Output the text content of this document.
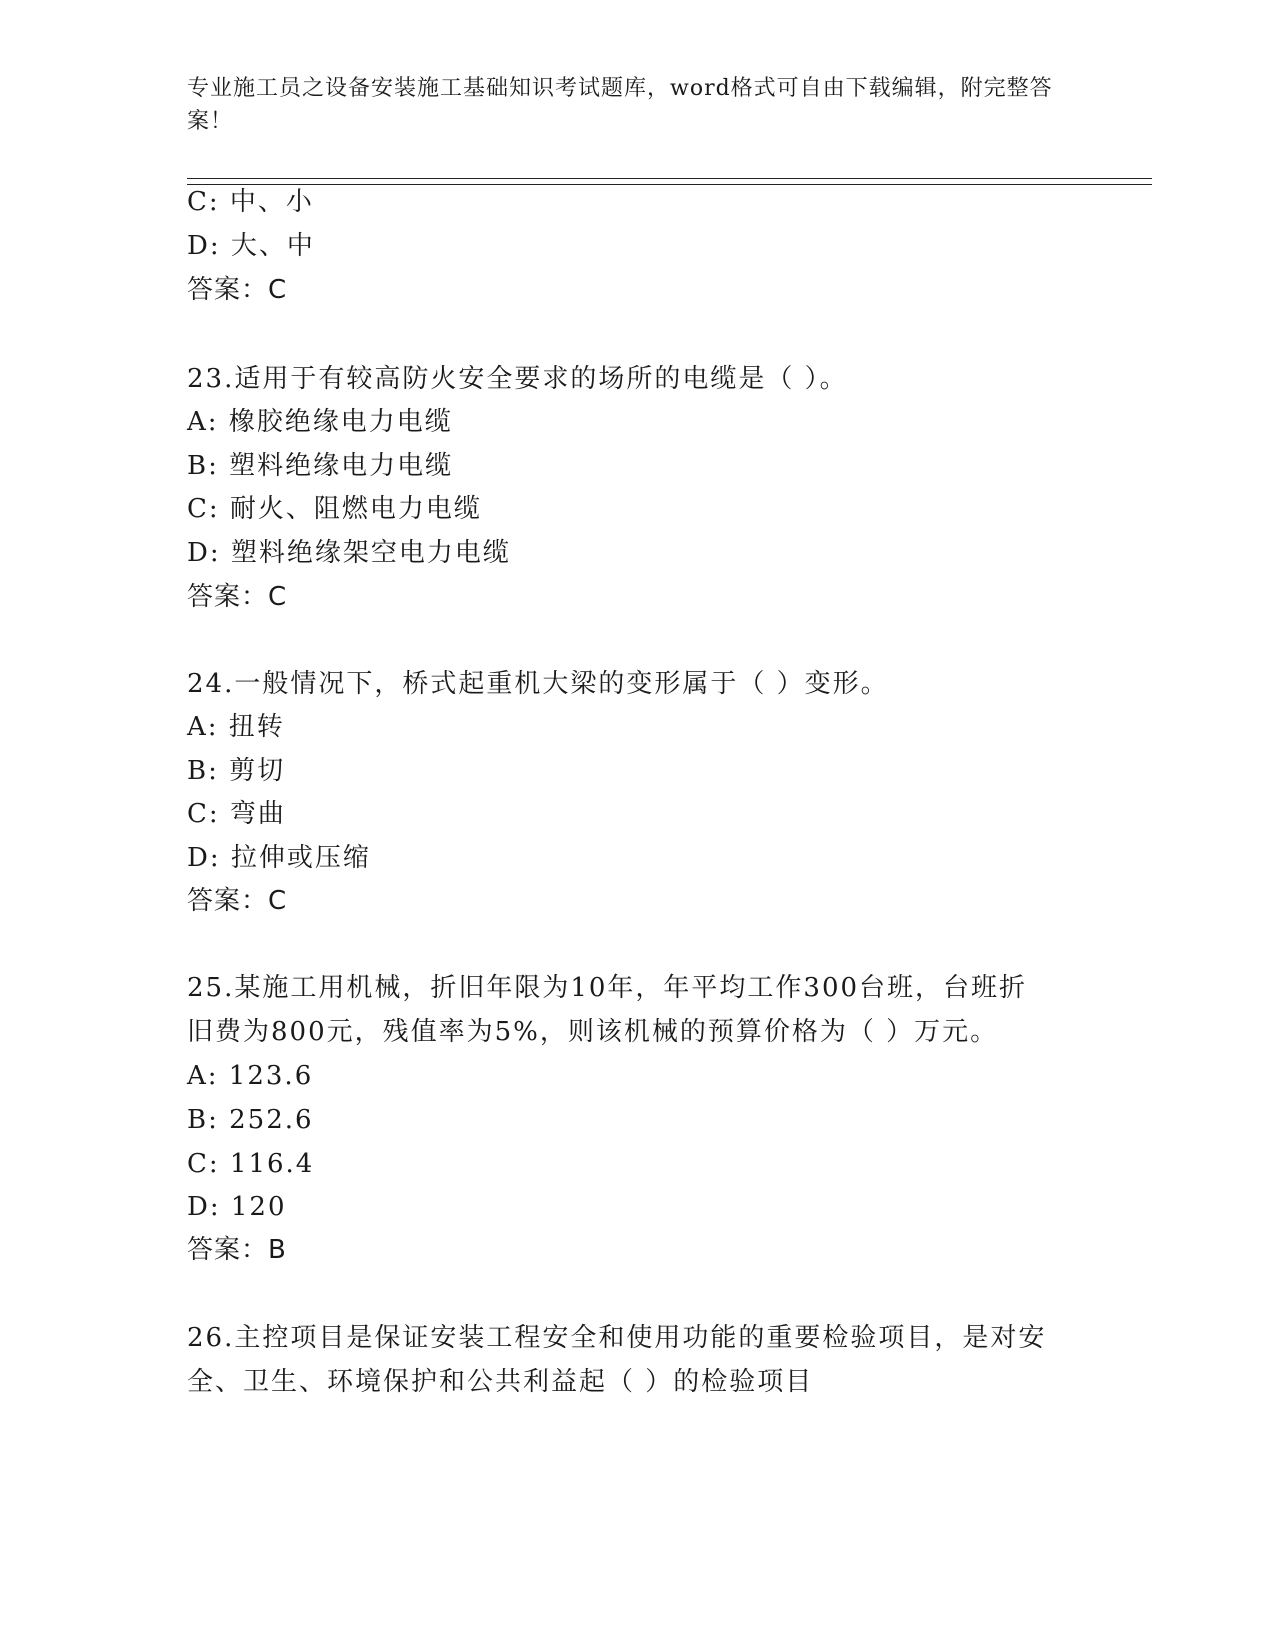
专业施工员之设备安装施工基础知识考试题库，word格式可自由下载编辑，附完整答案！
C: 中、小
D: 大、中
答案：C
23.适用于有较高防火安全要求的场所的电缆是（ ）。
A: 橡胶绝缘电力电缆
B: 塑料绝缘电力电缆
C: 耐火、阻燃电力电缆
D: 塑料绝缘架空电力电缆
答案：C
24.一般情况下，桥式起重机大梁的变形属于（ ）变形。
A: 扭转
B: 剪切
C: 弯曲
D: 拉伸或压缩
答案：C
25.某施工用机械，折旧年限为10年，年平均工作300台班，台班折
旧费为800元，残值率为5%，则该机械的预算价格为（ ）万元。
A: 123.6
B: 252.6
C: 116.4
D: 120
答案：B
26.主控项目是保证安装工程安全和使用功能的重要检验项目，是对安
全、卫生、环境保护和公共利益起（ ）的检验项目
